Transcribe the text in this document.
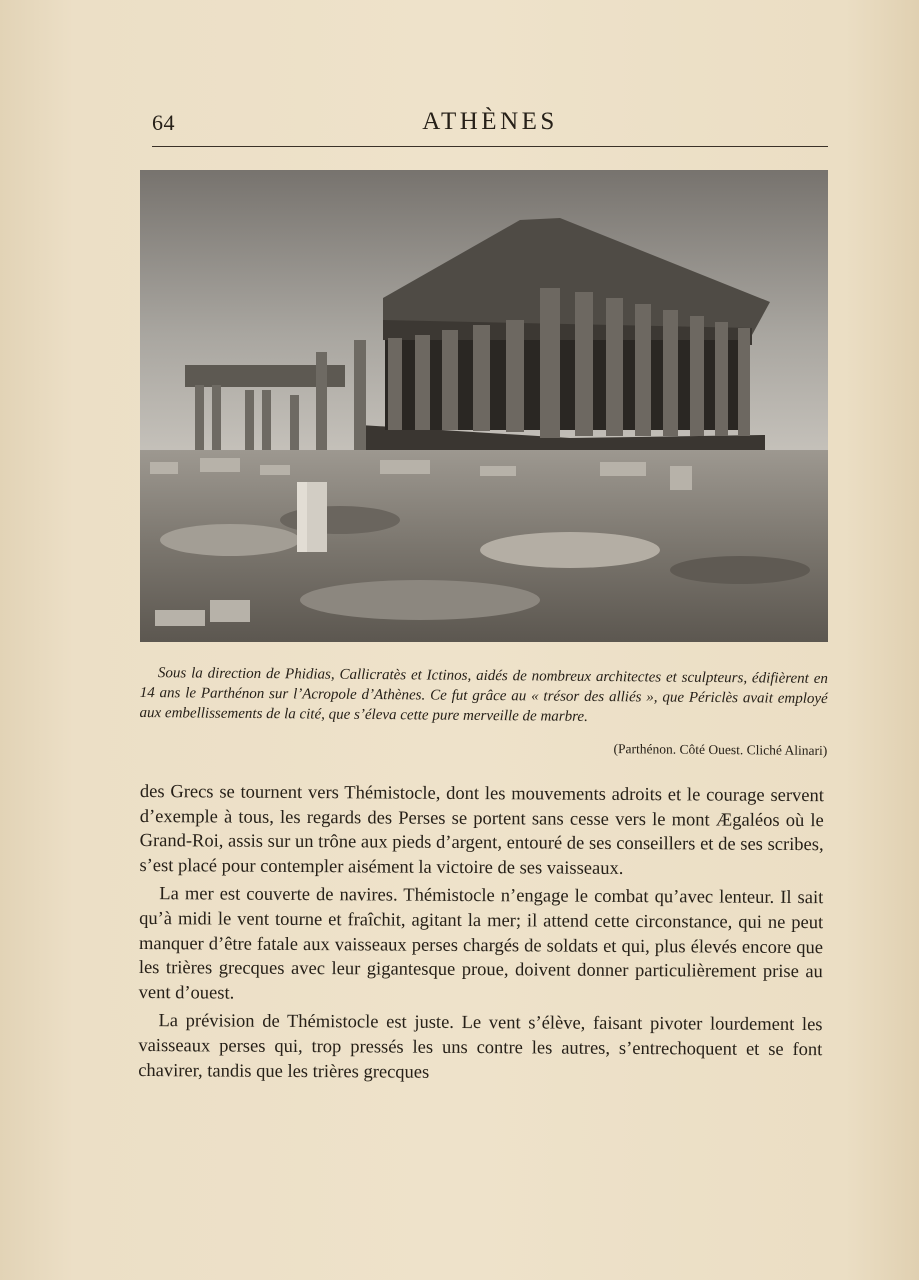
64	ATHÈNES
Sous la direction de Phidias, Callicratès et Ictinos, aidés de nombreux architectes et sculpteurs, édifièrent en 14 ans le Parthénon sur l’Acropole d’Athènes. Ce fut grâce au « trésor des alliés », que Périclès avait employé aux embellissements de la cité, que s’éleva cette pure merveille de marbre.
(Parthénon. Côté Ouest. Cliché Alinari)

des Grecs se tournent vers Thémistocle, dont les mouvements adroits et le courage servent d’exemple à tous, les regards des Perses se portent sans cesse vers le mont Ægaléos où le Grand-Roi, assis sur un trône aux pieds d’argent, entouré de ses conseillers et de ses scribes, s’est placé pour contempler aisément la victoire de ses vaisseaux.

La mer est couverte de navires. Thémistocle n’engage le combat qu’avec lenteur. Il sait qu’à midi le vent tourne et fraîchit, agitant la mer; il attend cette circonstance, qui ne peut manquer d’être fatale aux vaisseaux perses chargés de soldats et qui, plus élevés encore que les trières grecques avec leur gigantesque proue, doivent donner particulièrement prise au vent d’ouest.

La prévision de Thémistocle est juste. Le vent s’élève, faisant pivoter lourdement les vaisseaux perses qui, trop pressés les uns contre les autres, s’entrechoquent et se font chavirer, tandis que les trières grecques
